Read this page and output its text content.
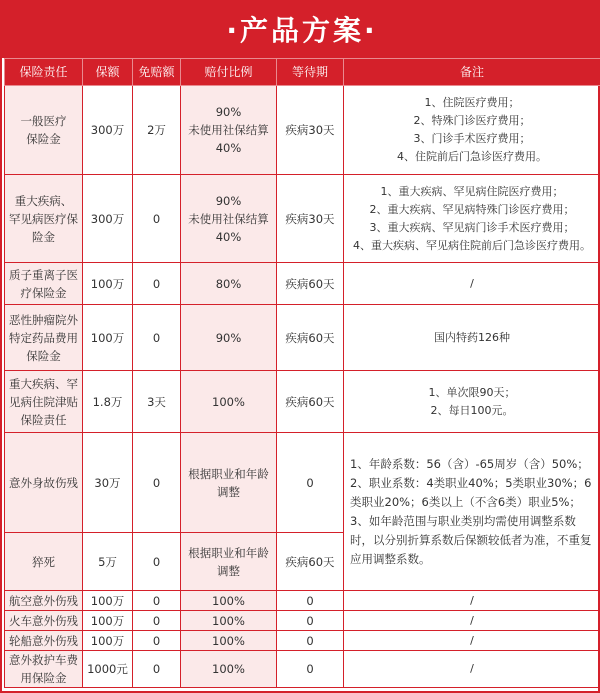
·产品方案·
保险责任	保额	免赔额	赔付比例	等待期	备注

一般医疗
保险金	300万	2万	90%
未使用社保结算
40%	疾病30天	1、住院医疗费用；
2、特殊门诊医疗费用；
3、门诊手术医疗费用；
4、住院前后门急诊医疗费用。

重大疾病、
罕见病医疗保
险金	300万	0	90%
未使用社保结算
40%	疾病30天	1、重大疾病、罕见病住院医疗费用；
2、重大疾病、罕见病特殊门诊医疗费用；
3、重大疾病、罕见病门诊手术医疗费用；
4、重大疾病、罕见病住院前后门急诊医疗费用。

质子重离子医
疗保险金	100万	0	80%	疾病60天	/

恶性肿瘤院外
特定药品费用
保险金	100万	0	90%	疾病60天	国内特药126种

重大疾病、罕
见病住院津贴
保险责任	1.8万	3天	100%	疾病60天	1、单次限90天；
2、每日100元。

意外身故伤残	30万	0	根据职业和年龄
调整	0	1、年龄系数：56（含）-65周岁（含）50%；2、职业系数：4类职业40%；5类职业30%；6类职业20%；6类以上（不含6类）职业5%；3、如年龄范围与职业类别均需使用调整系数时，以分别折算系数后保额较低者为准，不重复应用调整系数。

猝死	5万	0	根据职业和年龄
调整	疾病60天	

航空意外伤残	100万	0	100%	0	/

火车意外伤残	100万	0	100%	0	/

轮船意外伤残	100万	0	100%	0	/

意外救护车费
用保险金	1000元	0	100%	0	/
